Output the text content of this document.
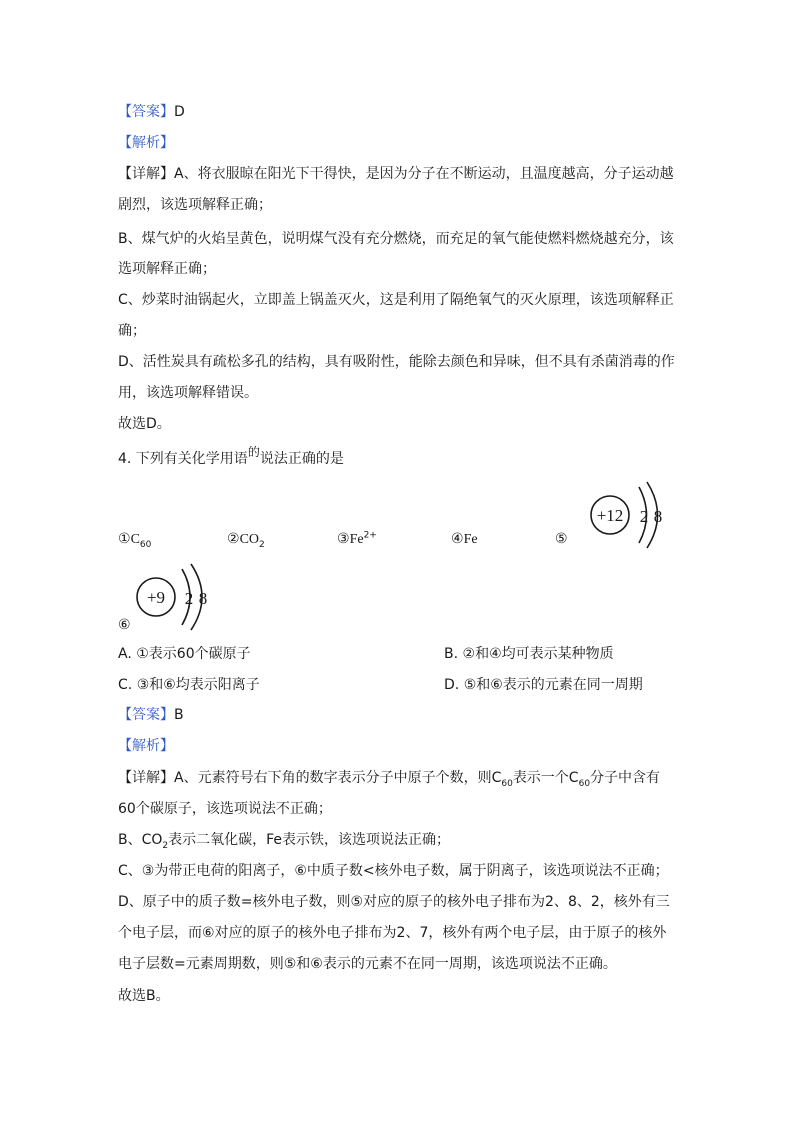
【答案】D
【解析】
【详解】A、将衣服晾在阳光下干得快，是因为分子在不断运动，且温度越高，分子运动越
剧烈，该选项解释正确；
B、煤气炉的火焰呈黄色，说明煤气没有充分燃烧，而充足的氧气能使燃料燃烧越充分，该
选项解释正确；
C、炒菜时油锅起火，立即盖上锅盖灭火，这是利用了隔绝氧气的灭火原理，该选项解释正
确；
D、活性炭具有疏松多孔的结构，具有吸附性，能除去颜色和异味，但不具有杀菌消毒的作
用，该选项解释错误。
故选D。
4. 下列有关化学用语的说法正确的是
$①C_{60}$	$②CO_2$	$③Fe^{2+}$	④Fe	⑤
+12 2 8
+9 2 8
⑥
A. ①表示60个碳原子	B. ②和④均可表示某种物质
C. ③和⑥均表示阳离子	D. ⑤和⑥表示的元素在同一周期
【答案】B
【解析】
【详解】A、元素符号右下角的数字表示分子中原子个数，则$C_{60}$表示一个$C_{60}$分子中含有
60个碳原子，该选项说法不正确；
B、$CO_2$表示二氧化碳，Fe表示铁，该选项说法正确；
C、③为带正电荷的阳离子，⑥中质子数<核外电子数，属于阴离子，该选项说法不正确；
D、原子中的质子数=核外电子数，则⑤对应的原子的核外电子排布为2、8、2，核外有三
个电子层，而⑥对应的原子的核外电子排布为2、7，核外有两个电子层，由于原子的核外
电子层数=元素周期数，则⑤和⑥表示的元素不在同一周期，该选项说法不正确。
故选B。
